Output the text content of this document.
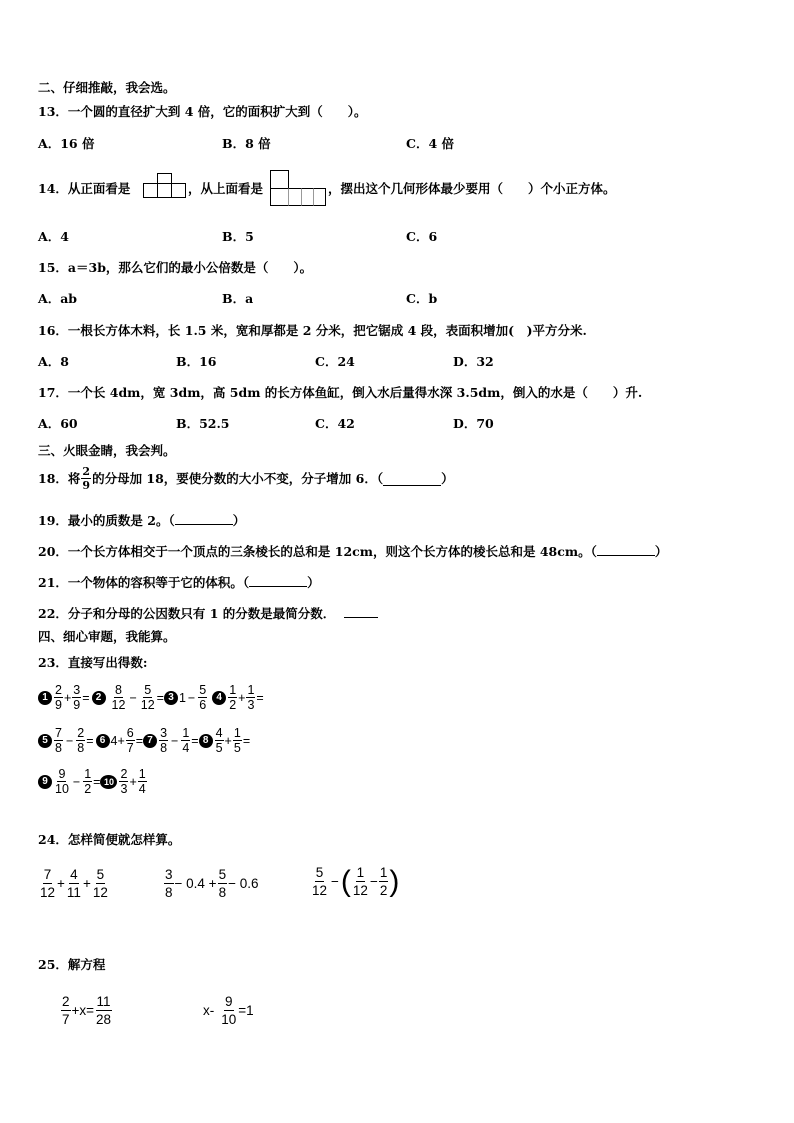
二、仔细推敲，我会选。
13．一个圆的直径扩大到 4 倍，它的面积扩大到（　　）。
A．16 倍	B．8 倍	C．4 倍
14．从正面看是	，从上面看是	，摆出这个几何形体最少要用（　　）个小正方体。
A．4	B．5	C．6
15．a＝3b，那么它们的最小公倍数是（　　）。
A．ab	B．a	C．b
16．一根长方体木料，长 1.5 米，宽和厚都是 2 分米，把它锯成 4 段，表面积增加(　)平方分米.
A．8	B．16	C．24	D．32
17．一个长 4dm，宽 3dm，高 5dm 的长方体鱼缸，倒入水后量得水深 3.5dm，倒入的水是（　　）升.
A．60	B．52.5	C．42	D．70
三、火眼金睛，我会判。
18．将 $\frac{2}{9}$ 的分母加 18，要使分数的大小不变，分子增加 6．（	）
19．最小的质数是 2。（	）
20．一个长方体相交于一个顶点的三条棱长的总和是 12cm，则这个长方体的棱长总和是 48cm。（	）
21．一个物体的容积等于它的体积。（	）
22．分子和分母的公因数只有 1 的分数是最简分数．
四、细心审题，我能算。
23．直接写出得数:
$1 \frac{2}{9} + \frac{3}{9} = 2 \frac{8}{12} - \frac{5}{12} = 3$ $1 - \frac{5}{6} 4 \frac{1}{2} + \frac{1}{3}$ =
$5 \frac{7}{8} - \frac{2}{8} = 6$ $4 + \frac{6}{7} = 7 \frac{3}{8} - \frac{1}{4} = 8 \frac{4}{5} + \frac{1}{5}$ =
$9 \frac{9}{10} - \frac{1}{2} = 10 \frac{2}{3} + \frac{1}{4}$
24．怎样简便就怎样算。
$\frac{7}{12} + \frac{4}{11} + \frac{5}{12}$	$\frac{3}{8} - 0.4 + \frac{5}{8} - 0.6$	$\frac{5}{12}$ − ( $\frac{1}{12} - \frac{1}{2}$ )
25．解方程
$\frac{2}{7} +x= \frac{11}{28}$	$x- \frac{9}{10} =1$
